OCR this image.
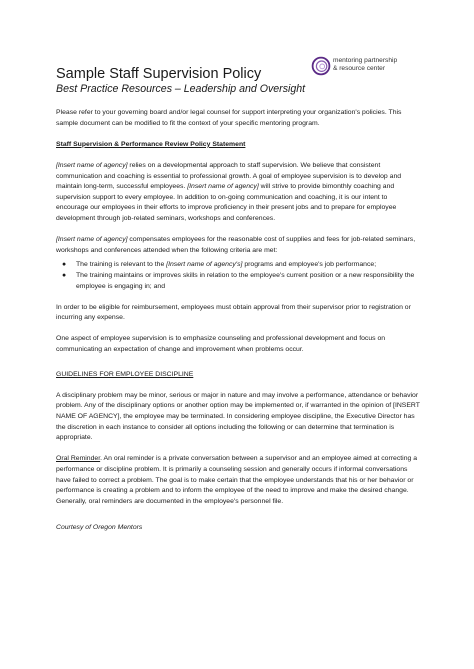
mentoring partnership
& resource center
Sample Staff Supervision Policy
Best Practice Resources – Leadership and Oversight

Please refer to your governing board and/or legal counsel for support interpreting your organization's policies. This sample document can be modified to fit the context of your specific mentoring program.

Staff Supervision & Performance Review Policy Statement

[Insert name of agency] relies on a developmental approach to staff supervision. We believe that consistent communication and coaching is essential to professional growth. A goal of employee supervision is to develop and maintain long-term, successful employees. [Insert name of agency] will strive to provide bimonthly coaching and supervision support to every employee. In addition to on-going communication and coaching, it is our intent to encourage our employees in their efforts to improve proficiency in their present jobs and to prepare for employee development through job-related seminars, workshops and conferences.

[Insert name of agency] compensates employees for the reasonable cost of supplies and fees for job-related seminars, workshops and conferences attended when the following criteria are met:

● The training is relevant to the [Insert name of agency's] programs and employee's job performance;
● The training maintains or improves skills in relation to the employee's current position or a new responsibility the employee is engaging in; and

In order to be eligible for reimbursement, employees must obtain approval from their supervisor prior to registration or incurring any expense.

One aspect of employee supervision is to emphasize counseling and professional development and focus on communicating an expectation of change and improvement when problems occur.

GUIDELINES FOR EMPLOYEE DISCIPLINE

A disciplinary problem may be minor, serious or major in nature and may involve a performance, attendance or behavior problem. Any of the disciplinary options or another option may be implemented or, if warranted in the opinion of [INSERT NAME OF AGENCY], the employee may be terminated. In considering employee discipline, the Executive Director has the discretion in each instance to consider all options including the following or can determine that termination is appropriate.

Oral Reminder. An oral reminder is a private conversation between a supervisor and an employee aimed at correcting a performance or discipline problem. It is primarily a counseling session and generally occurs if informal conversations have failed to correct a problem. The goal is to make certain that the employee understands that his or her behavior or performance is creating a problem and to inform the employee of the need to improve and make the desired change. Generally, oral reminders are documented in the employee's personnel file.

Courtesy of Oregon Mentors
